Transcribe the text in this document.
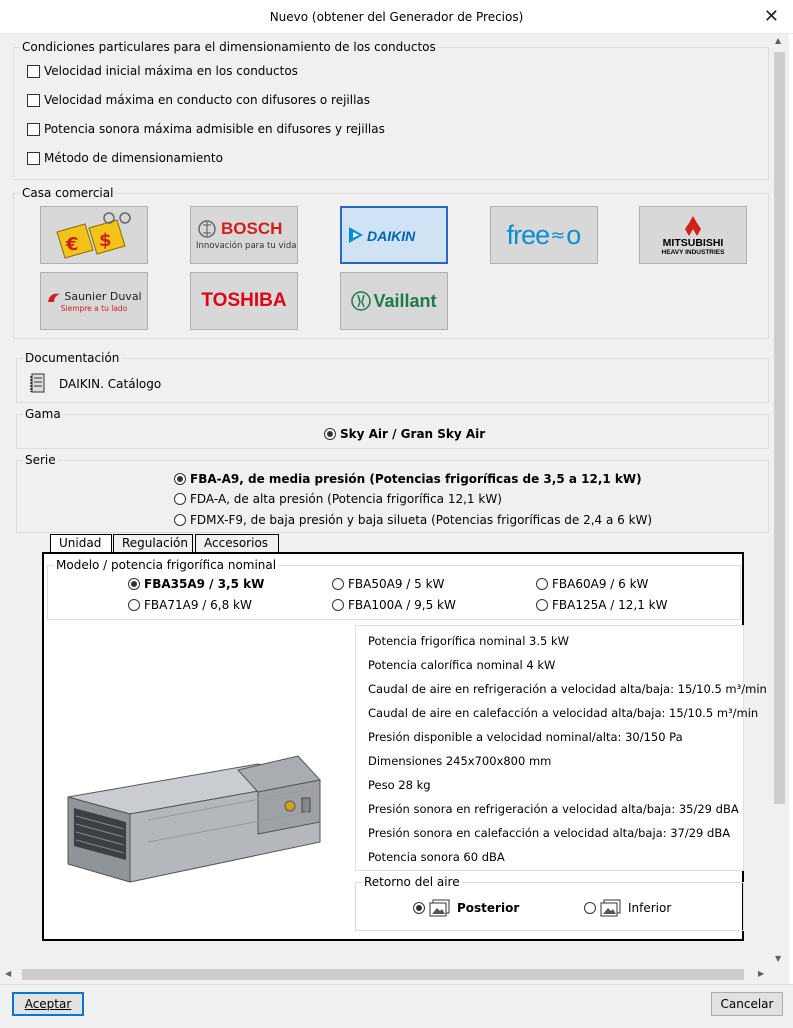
Nuevo (obtener del Generador de Precios)	✕
Condiciones particulares para el dimensionamiento de los conductos
Velocidad inicial máxima en los conductos
Velocidad máxima en conducto con difusores o rejillas
Potencia sonora máxima admisible en difusores y rejillas
Método de dimensionamiento
Casa comercial
€ $
BOSCH
Innovación para tu vida
DAIKIN	free ≈ o	MITSUBISHI
HEAVY INDUSTRIES
Saunier Duval
Siempre a tu lado	TOSHIBA	Vaillant
Documentación
DAIKIN. Catálogo
Gama
Sky Air / Gran Sky Air
Serie
FBA-A9, de media presión (Potencias frigoríficas de 3,5 a 12,1 kW)
FDA-A, de alta presión (Potencia frigorífica 12,1 kW)
FDMX-F9, de baja presión y baja silueta (Potencias frigoríficas de 2,4 a 6 kW)
Unidad	Regulación	Accesorios
Modelo / potencia frigorífica nominal
FBA35A9 / 3,5 kW	FBA50A9 / 5 kW	FBA60A9 / 6 kW
FBA71A9 / 6,8 kW	FBA100A / 9,5 kW	FBA125A / 12,1 kW
Potencia frigorífica nominal 3.5 kW
Potencia calorífica nominal 4 kW
Caudal de aire en refrigeración a velocidad alta/baja: 15/10.5 m³/min
Caudal de aire en calefacción a velocidad alta/baja: 15/10.5 m³/min
Presión disponible a velocidad nominal/alta: 30/150 Pa
Dimensiones 245x700x800 mm
Peso 28 kg
Presión sonora en refrigeración a velocidad alta/baja: 35/29 dBA
Presión sonora en calefacción a velocidad alta/baja: 37/29 dBA
Potencia sonora 60 dBA
Retorno del aire
Posterior	Inferior
▲
▼
◀	▶
Aceptar	Cancelar
